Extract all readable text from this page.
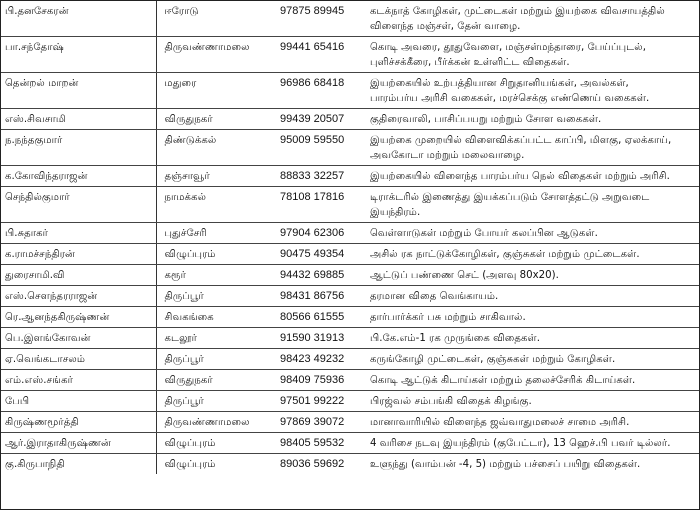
பி.தனசேகரன்	ஈரோடு	97875 89945	கடக்நாத் கோழிகள், முட்டைகள் மற்றும் இயற்கை விவசாயத்தில்
விளைந்த மஞ்சள், தேன் வாழை.

பா.சந்தோஷ்	திருவண்ணாமலை	99441 65416	கொடி அவரை, தூதுவேளை, மஞ்சள்மந்தாரை, பேய்ப்புடல்,
புளிச்சக்கீரை, பீர்க்கன் உள்ளிட்ட விதைகள்.

தென்றல் மாறன்	மதுரை	96986 68418	இயற்கையில் உற்பத்தியான சிறுதானியங்கள், அவல்கள்,
பாரம்பர்ய அரிசி வகைகள், மரச்செக்கு எண்ணெய் வகைகள்.

எஸ்.சிவசாமி	விருதுநகர்	99439 20507	குதிரைவாலி, பாசிப்பயறு மற்றும் சோள வகைகள்.

ந.நந்தகுமார்	திண்டுக்கல்	95009 59550	இயற்கை முறையில் விளைவிக்கப்பட்ட காப்பி, மிளகு, ஏலக்காய்,
அவகோடா மற்றும் மலைவாழை.

க.கோவிந்தராஜன்	தஞ்சாவூர்	88833 32257	இயற்கையில் விளைந்த பாரம்பர்ய நெல் விதைகள் மற்றும் அரிசி.

செந்தில்குமார்	நாமக்கல்	78108 17816	டிராக்டரில் இணைத்து இயக்கப்படும் சோளத்தட்டு அறுவடை இயந்திரம்.

பி.சுதாகர்	புதுச்சேரி	97904 62306	வெள்ளாடுகள் மற்றும் போயர் கலப்பின ஆடுகள்.

க.ராமச்சந்திரன்	விழுப்புரம்	90475 49354	அசில் ரக நாட்டுக்கோழிகள், குஞ்சுகள் மற்றும் முட்டைகள்.

துரைசாமி.வி	கரூர்	94432 69885	ஆட்டுப் பண்ணை செட் (அளவு 80x20).

எஸ்.சௌந்தரராஜன்	திருப்பூர்	98431 86756	தரமான விதை வெங்காயம்.

ரெ.ஆனந்தகிருஷ்ணன்	சிவகங்கை	80566 61555	தார்பார்க்கர் பசு மற்றும் சாகிவால்.

பெ.இளங்கோவன்	கடலூர்	91590 31913	பி.கே.எம்-1 ரக முருங்கை விதைகள்.

ஏ.வெங்கடாசலம்	திருப்பூர்	98423 49232	கருங்கோழி முட்டைகள், குஞ்சுகள் மற்றும் கோழிகள்.

எம்.எஸ்.சங்கர்	விருதுநகர்	98409 75936	கொடி ஆட்டுக் கிடாய்கள் மற்றும் தலைச்சேரிக் கிடாய்கள்.

பேபி	திருப்பூர்	97501 99222	பிரஜ்வல் சம்பங்கி விதைக் கிழங்கு.

கிருஷ்ணமூர்த்தி	திருவண்ணாமலை	97869 39072	மானாவாரியில் விளைந்த ஜவ்வாதுமலைச் சாமை அரிசி.

ஆர்.இராதாகிருஷ்ணன்	விழுப்புரம்	98405 59532	4 வரிசை நடவு இயந்திரம் (குபேட்டா), 13 ஹெச்.பி பவர் டில்லர்.

கு.கிருபாநிதி	விழுப்புரம்	89036 59692	உளுந்து (வாம்பன் -4, 5) மற்றும் பச்சைப் பயிறு விதைகள்.
